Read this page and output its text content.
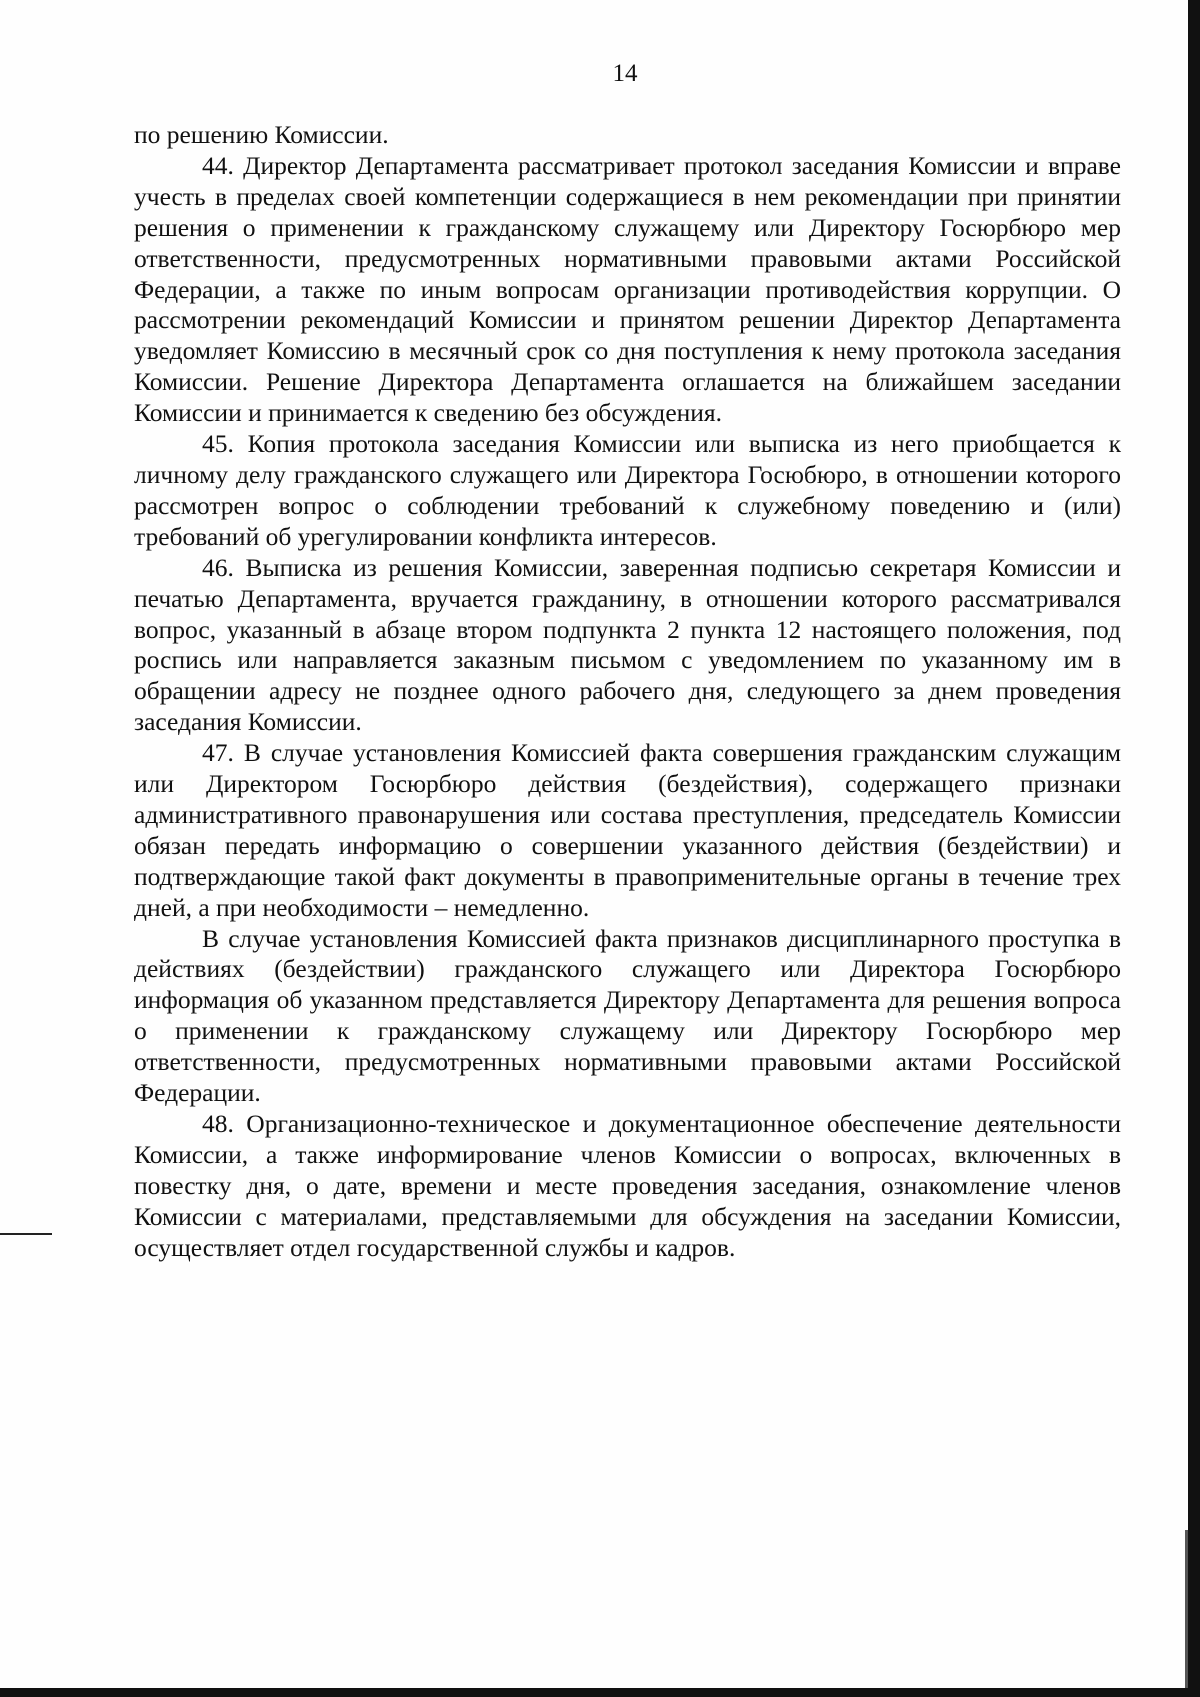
14

по решению Комиссии.

44. Директор Департамента рассматривает протокол заседания Комиссии и вправе учесть в пределах своей компетенции содержащиеся в нем рекомендации при принятии решения о применении к гражданскому служащему или Директору Госюрбюро мер ответственности, предусмотренных нормативными правовыми актами Российской Федерации, а также по иным вопросам организации противодействия коррупции. О рассмотрении рекомендаций Комиссии и принятом решении Директор Департамента уведомляет Комиссию в месячный срок со дня поступления к нему протокола заседания Комиссии. Решение Директора Департамента оглашается на ближайшем заседании Комиссии и принимается к сведению без обсуждения.

45. Копия протокола заседания Комиссии или выписка из него приобщается к личному делу гражданского служащего или Директора Госюбюро, в отношении которого рассмотрен вопрос о соблюдении требований к служебному поведению и (или) требований об урегулировании конфликта интересов.

46. Выписка из решения Комиссии, заверенная подписью секретаря Комиссии и печатью Департамента, вручается гражданину, в отношении которого рассматривался вопрос, указанный в абзаце втором подпункта 2 пункта 12 настоящего положения, под роспись или направляется заказным письмом с уведомлением по указанному им в обращении адресу не позднее одного рабочего дня, следующего за днем проведения заседания Комиссии.

47. В случае установления Комиссией факта совершения гражданским служащим или Директором Госюрбюро действия (бездействия), содержащего признаки административного правонарушения или состава преступления, председатель Комиссии обязан передать информацию о совершении указанного действия (бездействии) и подтверждающие такой факт документы в правоприменительные органы в течение трех дней, а при необходимости – немедленно.

В случае установления Комиссией факта признаков дисциплинарного проступка в действиях (бездействии) гражданского служащего или Директора Госюрбюро информация об указанном представляется Директору Департамента для решения вопроса о применении к гражданскому служащему или Директору Госюрбюро мер ответственности, предусмотренных нормативными правовыми актами Российской Федерации.

48. Организационно-техническое и документационное обеспечение деятельности Комиссии, а также информирование членов Комиссии о вопросах, включенных в повестку дня, о дате, времени и месте проведения заседания, ознакомление членов Комиссии с материалами, представляемыми для обсуждения на заседании Комиссии, осуществляет отдел государственной службы и кадров.
